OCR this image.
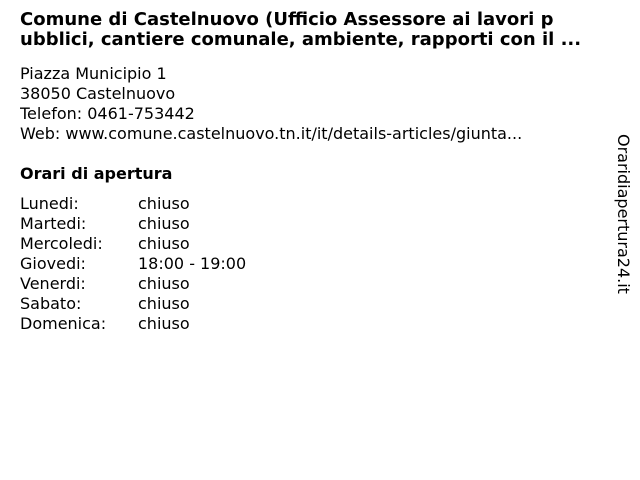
Comune di Castelnuovo (Ufficio Assessore ai lavori p
ubblici, cantiere comunale, ambiente, rapporti con il ...
Piazza Municipio 1
38050 Castelnuovo
Telefon: 0461-753442
Web: www.comune.castelnuovo.tn.it/it/details-articles/giunta...
Orari di apertura
Lunedi:	chiuso
Martedi:	chiuso
Mercoledi: chiuso
Giovedi:	18:00 - 19:00
Venerdi:	chiuso
Sabato:	chiuso
Domenica: chiuso
Oraridiapertura24.it
